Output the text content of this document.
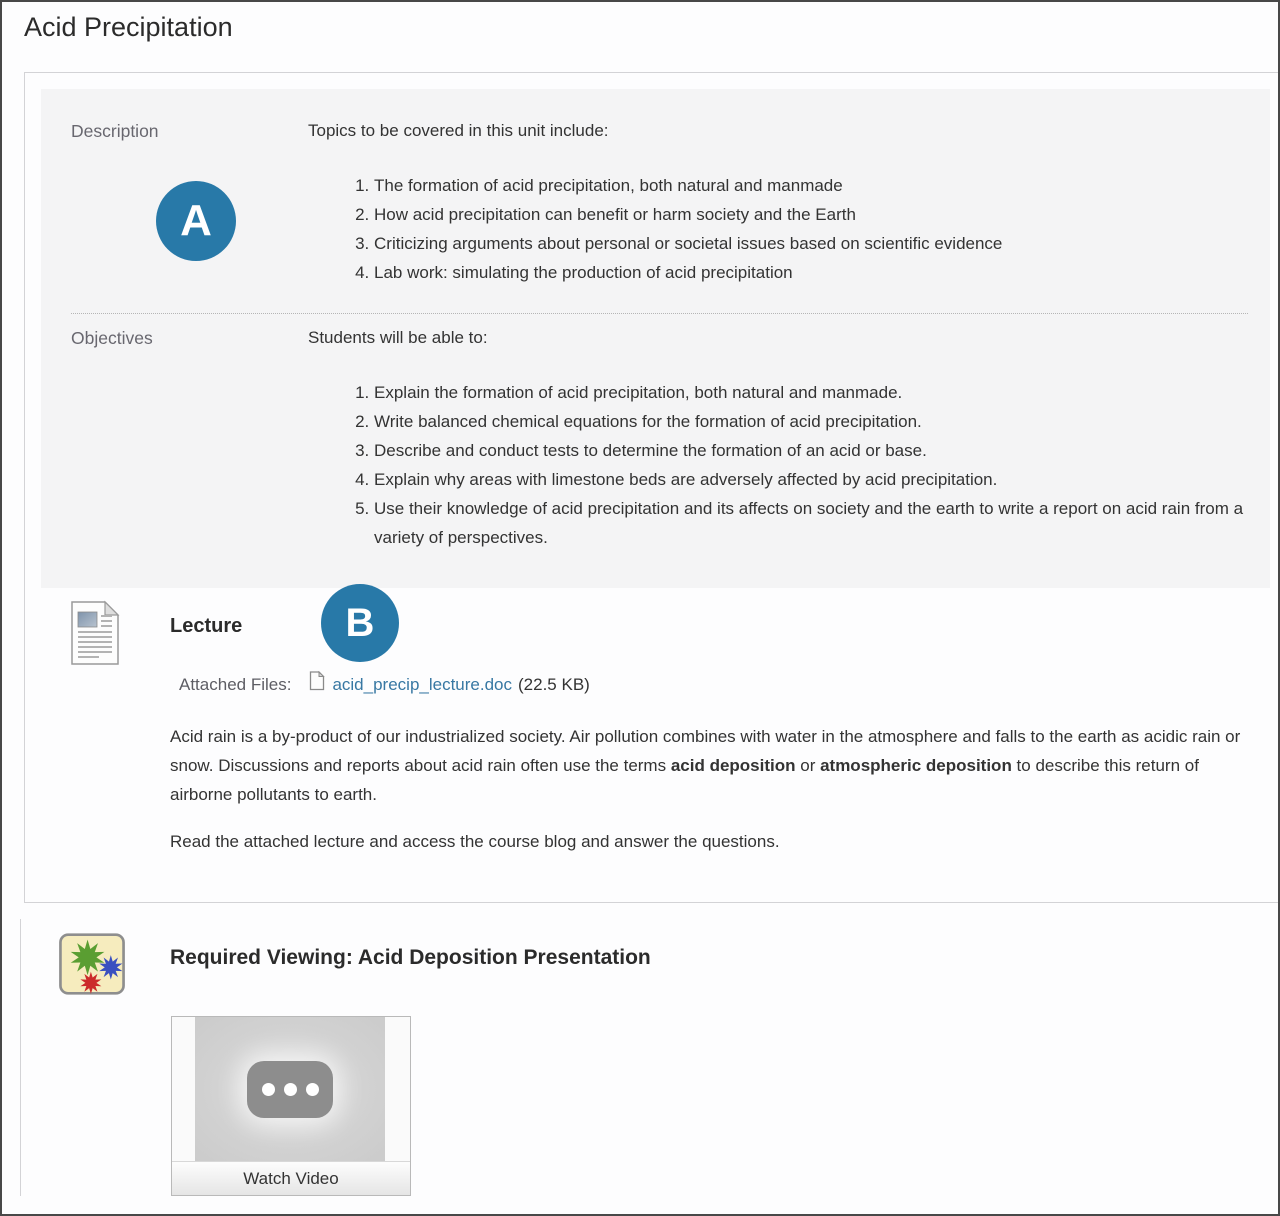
Acid Precipitation
Description
A
Topics to be covered in this unit include:
1. The formation of acid precipitation, both natural and manmade
2. How acid precipitation can benefit or harm society and the Earth
3. Criticizing arguments about personal or societal issues based on scientific evidence
4. Lab work: simulating the production of acid precipitation
Objectives	Students will be able to:
1. Explain the formation of acid precipitation, both natural and manmade.
2. Write balanced chemical equations for the formation of acid precipitation.
3. Describe and conduct tests to determine the formation of an acid or base.
4. Explain why areas with limestone beds are adversely affected by acid precipitation.
5. Use their knowledge of acid precipitation and its affects on society and the earth to write a report on acid rain from a variety of perspectives.
B
Lecture
Attached Files: acid_precip_lecture.doc (22.5 KB)

Acid rain is a by-product of our industrialized society. Air pollution combines with water in the atmosphere and falls to the earth as acidic rain or snow. Discussions and reports about acid rain often use the terms acid deposition or atmospheric deposition to describe this return of airborne pollutants to earth.

Read the attached lecture and access the course blog and answer the questions.

Required Viewing: Acid Deposition Presentation
Watch Video
